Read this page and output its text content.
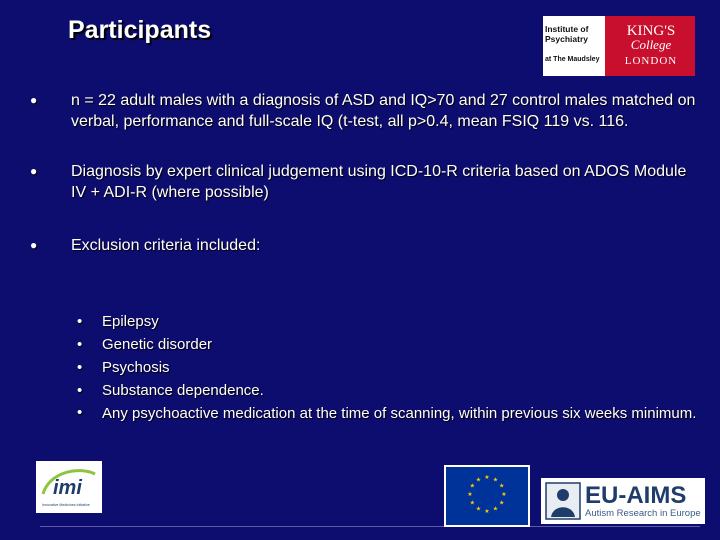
Participants	Institute of
Psychiatry
at The Maudsley
KING'S
College
LONDON
● n = 22 adult males with a diagnosis of ASD and IQ>70 and 27 control males matched on verbal, performance and full-scale IQ (t-test, all p>0.4, mean FSIQ 119 vs. 116.
● Diagnosis by expert clinical judgement using ICD-10-R criteria based on ADOS Module IV + ADI-R (where possible)
● Exclusion criteria included:
• Epilepsy
• Genetic disorder
• Psychosis
• Substance dependence.
• Any psychoactive medication at the time of scanning, within previous six weeks minimum.
imi
Innovative Medicines Initiative
★ ★
★
★
★
★
★
★
★
★
★
★
EU-AIMS
Autism Research in Europe
